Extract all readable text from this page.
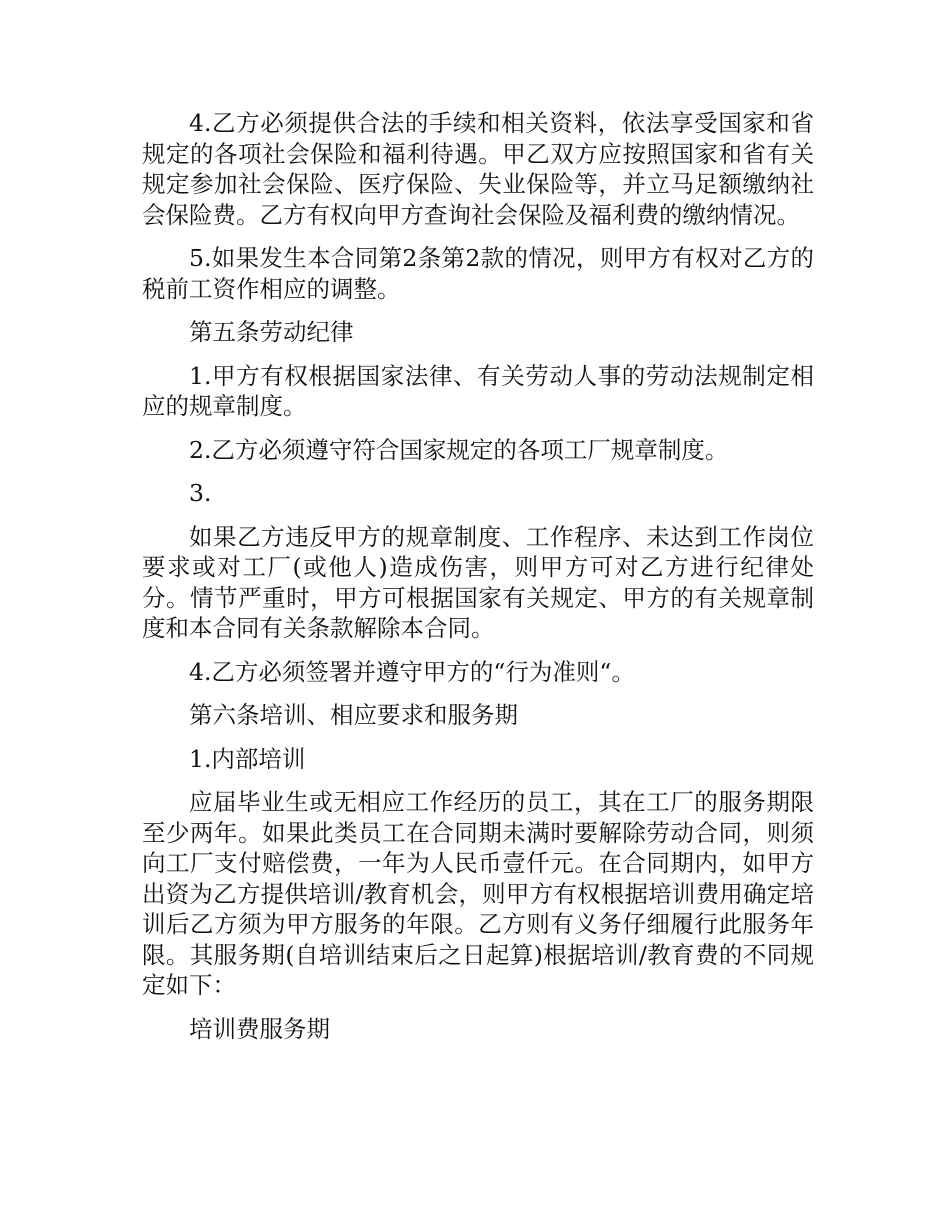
4.乙方必须提供合法的手续和相关资料，依法享受国家和省规定的各项社会保险和福利待遇。甲乙双方应按照国家和省有关规定参加社会保险、医疗保险、失业保险等，并立马足额缴纳社会保险费。乙方有权向甲方查询社会保险及福利费的缴纳情况。

5.如果发生本合同第2条第2款的情况，则甲方有权对乙方的税前工资作相应的调整。

第五条劳动纪律

1.甲方有权根据国家法律、有关劳动人事的劳动法规制定相应的规章制度。

2.乙方必须遵守符合国家规定的各项工厂规章制度。

3.

如果乙方违反甲方的规章制度、工作程序、未达到工作岗位要求或对工厂(或他人)造成伤害，则甲方可对乙方进行纪律处分。情节严重时，甲方可根据国家有关规定、甲方的有关规章制度和本合同有关条款解除本合同。

4.乙方必须签署并遵守甲方的“行为准则“。

第六条培训、相应要求和服务期

1.内部培训

应届毕业生或无相应工作经历的员工，其在工厂的服务期限至少两年。如果此类员工在合同期未满时要解除劳动合同，则须向工厂支付赔偿费，一年为人民币壹仟元。在合同期内，如甲方出资为乙方提供培训/教育机会，则甲方有权根据培训费用确定培训后乙方须为甲方服务的年限。乙方则有义务仔细履行此服务年限。其服务期(自培训结束后之日起算)根据培训/教育费的不同规定如下：

培训费服务期
